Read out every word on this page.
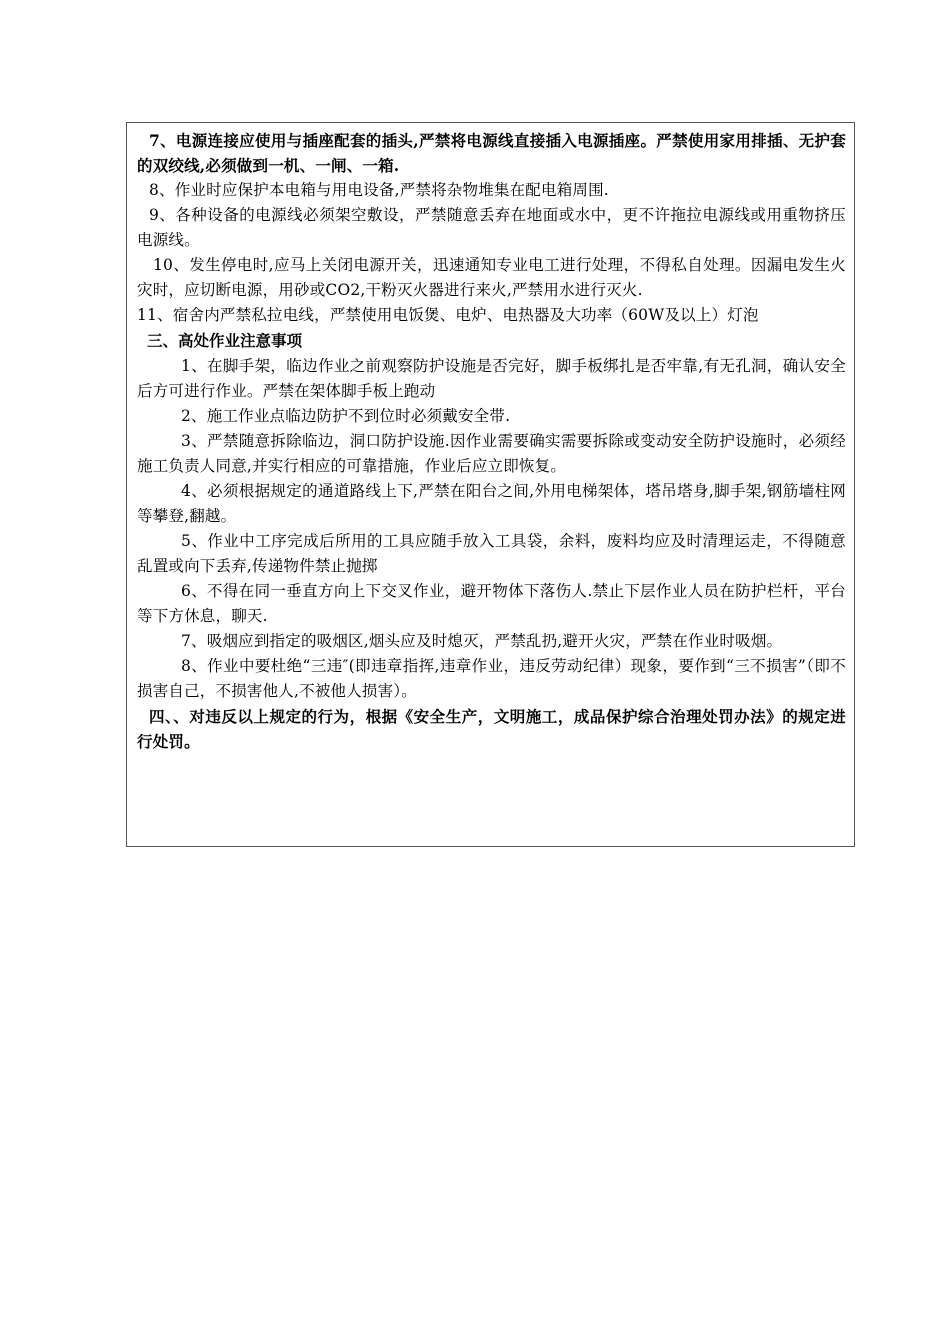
7、电源连接应使用与插座配套的插头,严禁将电源线直接插入电源插座。严禁使用家用排插、无护套的双绞线,必须做到一机、一闸、一箱.

8、作业时应保护本电箱与用电设备,严禁将杂物堆集在配电箱周围.

9、各种设备的电源线必须架空敷设，严禁随意丢弃在地面或水中，更不许拖拉电源线或用重物挤压电源线。

10、发生停电时,应马上关闭电源开关，迅速通知专业电工进行处理，不得私自处理。因漏电发生火灾时，应切断电源，用砂或CO2,干粉灭火器进行来火,严禁用水进行灭火.

11、宿舍内严禁私拉电线，严禁使用电饭煲、电炉、电热器及大功率（60W及以上）灯泡

三、高处作业注意事项

1、在脚手架，临边作业之前观察防护设施是否完好，脚手板绑扎是否牢靠,有无孔洞，确认安全后方可进行作业。严禁在架体脚手板上跑动

2、施工作业点临边防护不到位时必须戴安全带.

3、严禁随意拆除临边，洞口防护设施.因作业需要确实需要拆除或变动安全防护设施时，必须经施工负责人同意,并实行相应的可靠措施，作业后应立即恢复。

4、必须根据规定的通道路线上下,严禁在阳台之间,外用电梯架体，塔吊塔身,脚手架,钢筋墙柱网等攀登,翻越。

5、作业中工序完成后所用的工具应随手放入工具袋，余料，废料均应及时清理运走，不得随意乱置或向下丢弃,传递物件禁止抛掷

6、不得在同一垂直方向上下交叉作业，避开物体下落伤人.禁止下层作业人员在防护栏杆，平台等下方休息，聊天.

7、吸烟应到指定的吸烟区,烟头应及时熄灭，严禁乱扔,避开火灾，严禁在作业时吸烟。

8、作业中要杜绝“三违″(即违章指挥,违章作业，违反劳动纪律）现象，要作到“三不损害”（即不损害自己，不损害他人,不被他人损害）。

四、、对违反以上规定的行为，根据《安全生产，文明施工，成品保护综合治理处罚办法》的规定进行处罚。
